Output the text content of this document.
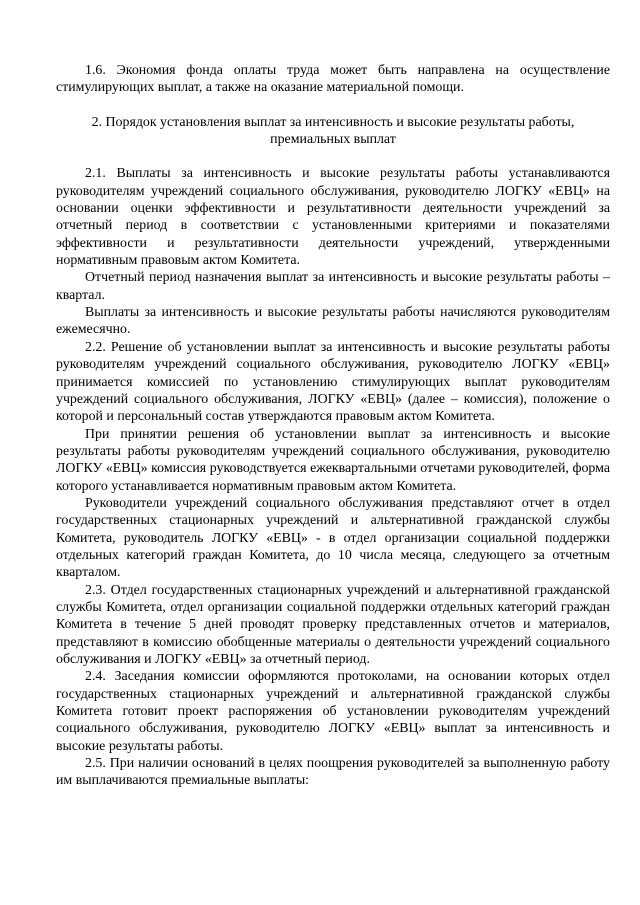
1.6. Экономия фонда оплаты труда может быть направлена на осуществление стимулирующих выплат, а также на оказание материальной помощи.

2. Порядок установления выплат за интенсивность и высокие результаты работы, премиальных выплат

2.1. Выплаты за интенсивность и высокие результаты работы устанавливаются руководителям учреждений социального обслуживания, руководителю ЛОГКУ «ЕВЦ» на основании оценки эффективности и результативности деятельности учреждений за отчетный период в соответствии с установленными критериями и показателями эффективности и результативности деятельности учреждений, утвержденными нормативным правовым актом Комитета.

Отчетный период назначения выплат за интенсивность и высокие результаты работы – квартал.

Выплаты за интенсивность и высокие результаты работы начисляются руководителям ежемесячно.

2.2. Решение об установлении выплат за интенсивность и высокие результаты работы руководителям учреждений социального обслуживания, руководителю ЛОГКУ «ЕВЦ» принимается комиссией по установлению стимулирующих выплат руководителям учреждений социального обслуживания, ЛОГКУ «ЕВЦ» (далее – комиссия), положение о которой и персональный состав утверждаются правовым актом Комитета.

При принятии решения об установлении выплат за интенсивность и высокие результаты работы руководителям учреждений социального обслуживания, руководителю ЛОГКУ «ЕВЦ» комиссия руководствуется ежеквартальными отчетами руководителей, форма которого устанавливается нормативным правовым актом Комитета.

Руководители учреждений социального обслуживания представляют отчет в отдел государственных стационарных учреждений и альтернативной гражданской службы Комитета, руководитель ЛОГКУ «ЕВЦ» - в отдел организации социальной поддержки отдельных категорий граждан Комитета, до 10 числа месяца, следующего за отчетным кварталом.

2.3. Отдел государственных стационарных учреждений и альтернативной гражданской службы Комитета, отдел организации социальной поддержки отдельных категорий граждан Комитета в течение 5 дней проводят проверку представленных отчетов и материалов, представляют в комиссию обобщенные материалы о деятельности учреждений социального обслуживания и ЛОГКУ «ЕВЦ» за отчетный период.

2.4. Заседания комиссии оформляются протоколами, на основании которых отдел государственных стационарных учреждений и альтернативной гражданской службы Комитета готовит проект распоряжения об установлении руководителям учреждений социального обслуживания, руководителю ЛОГКУ «ЕВЦ» выплат за интенсивность и высокие результаты работы.

2.5. При наличии оснований в целях поощрения руководителей за выполненную работу им выплачиваются премиальные выплаты:
